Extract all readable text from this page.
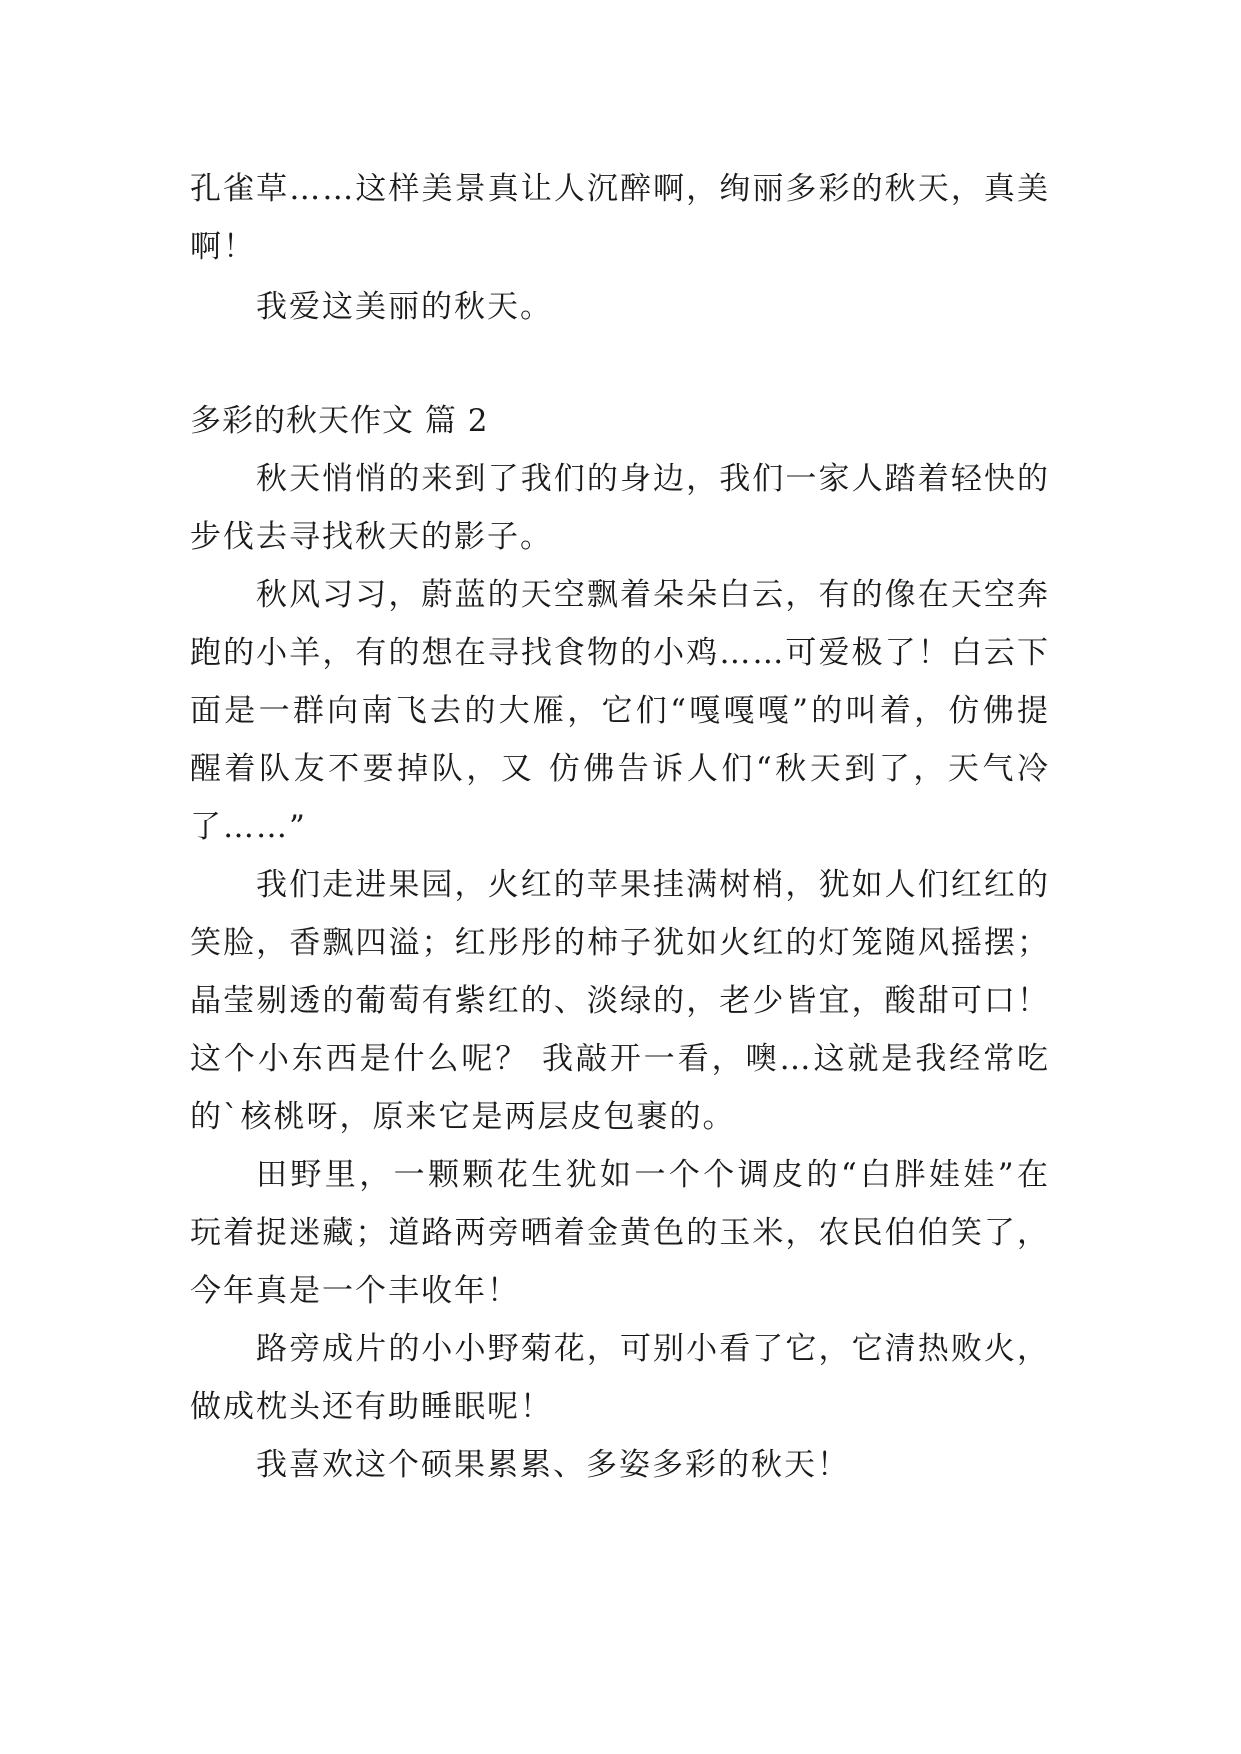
孔雀草……这样美景真让人沉醉啊，绚丽多彩的秋天，真美啊！

我爱这美丽的秋天。

多彩的秋天作文 篇 2

秋天悄悄的来到了我们的身边，我们一家人踏着轻快的步伐去寻找秋天的影子。

秋风习习，蔚蓝的天空飘着朵朵白云，有的像在天空奔跑的小羊，有的想在寻找食物的小鸡……可爱极了！白云下面是一群向南飞去的大雁，它们“嘎嘎嘎”的叫着，仿佛提醒着队友不要掉队，又 仿佛告诉人们“秋天到了，天气冷了……”

我们走进果园，火红的苹果挂满树梢，犹如人们红红的笑脸，香飘四溢；红彤彤的柿子犹如火红的灯笼随风摇摆；晶莹剔透的葡萄有紫红的、淡绿的，老少皆宜，酸甜可口！这个小东西是什么呢？ 我敲开一看，噢…这就是我经常吃的`核桃呀，原来它是两层皮包裹的。

田野里，一颗颗花生犹如一个个调皮的“白胖娃娃”在玩着捉迷藏；道路两旁晒着金黄色的玉米，农民伯伯笑了，今年真是一个丰收年！

路旁成片的小小野菊花，可别小看了它，它清热败火，做成枕头还有助睡眠呢！

我喜欢这个硕果累累、多姿多彩的秋天！
